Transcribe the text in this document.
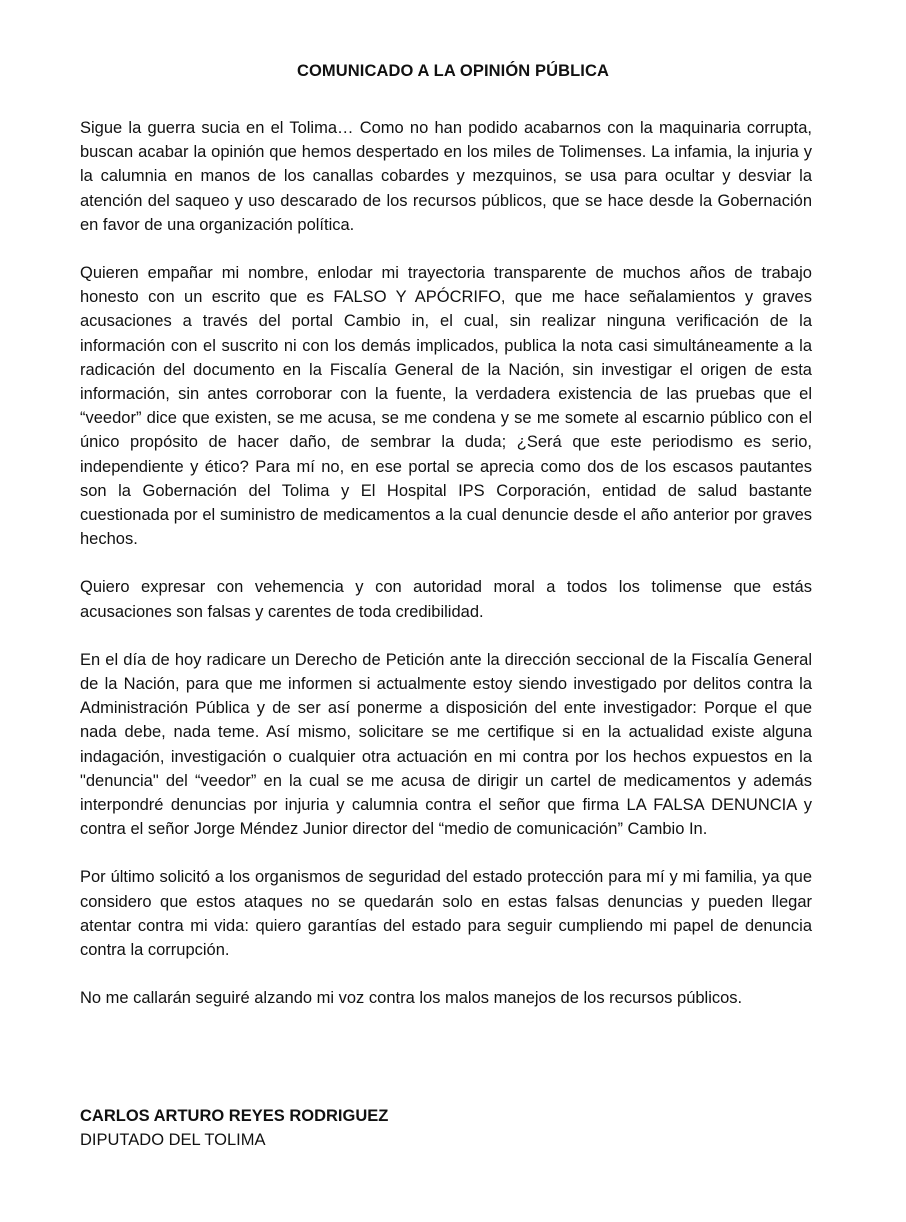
COMUNICADO A LA OPINIÓN PÚBLICA

Sigue la guerra sucia en el Tolima… Como no han podido acabarnos con la maquinaria corrupta, buscan acabar la opinión que hemos despertado en los miles de Tolimenses. La infamia, la injuria y la calumnia en manos de los canallas cobardes y mezquinos, se usa para ocultar y desviar la atención del saqueo y uso descarado de los recursos públicos, que se hace desde la Gobernación en favor de una organización política.

Quieren empañar mi nombre, enlodar mi trayectoria transparente de muchos años de trabajo honesto con un escrito que es FALSO Y APÓCRIFO, que me hace señalamientos y graves acusaciones a través del portal Cambio in, el cual, sin realizar ninguna verificación de la información con el suscrito ni con los demás implicados, publica la nota casi simultáneamente a la radicación del documento en la Fiscalía General de la Nación, sin investigar el origen de esta información, sin antes corroborar con la fuente, la verdadera existencia de las pruebas que el “veedor” dice que existen, se me acusa, se me condena y se me somete al escarnio público con el único propósito de hacer daño, de sembrar la duda; ¿Será que este periodismo es serio, independiente y ético? Para mí no, en ese portal se aprecia como dos de los escasos pautantes son la Gobernación del Tolima y El Hospital IPS Corporación, entidad de salud bastante cuestionada por el suministro de medicamentos a la cual denuncie desde el año anterior por graves hechos.

Quiero expresar con vehemencia y con autoridad moral a todos los tolimense que estás acusaciones son falsas y carentes de toda credibilidad.

En el día de hoy radicare un Derecho de Petición ante la dirección seccional de la Fiscalía General de la Nación, para que me informen si actualmente estoy siendo investigado por delitos contra la Administración Pública y de ser así ponerme a disposición del ente investigador: Porque el que nada debe, nada teme. Así mismo, solicitare se me certifique si en la actualidad existe alguna indagación, investigación o cualquier otra actuación en mi contra por los hechos expuestos en la "denuncia" del “veedor” en la cual se me acusa de dirigir un cartel de medicamentos y además interpondré denuncias por injuria y calumnia contra el señor que firma LA FALSA DENUNCIA y contra el señor Jorge Méndez Junior director del “medio de comunicación” Cambio In.

Por último solicitó a los organismos de seguridad del estado protección para mí y mi familia, ya que considero que estos ataques no se quedarán solo en estas falsas denuncias y pueden llegar atentar contra mi vida: quiero garantías del estado para seguir cumpliendo mi papel de denuncia contra la corrupción.

No me callarán seguiré alzando mi voz contra los malos manejos de los recursos públicos.

CARLOS ARTURO REYES RODRIGUEZ
DIPUTADO DEL TOLIMA
